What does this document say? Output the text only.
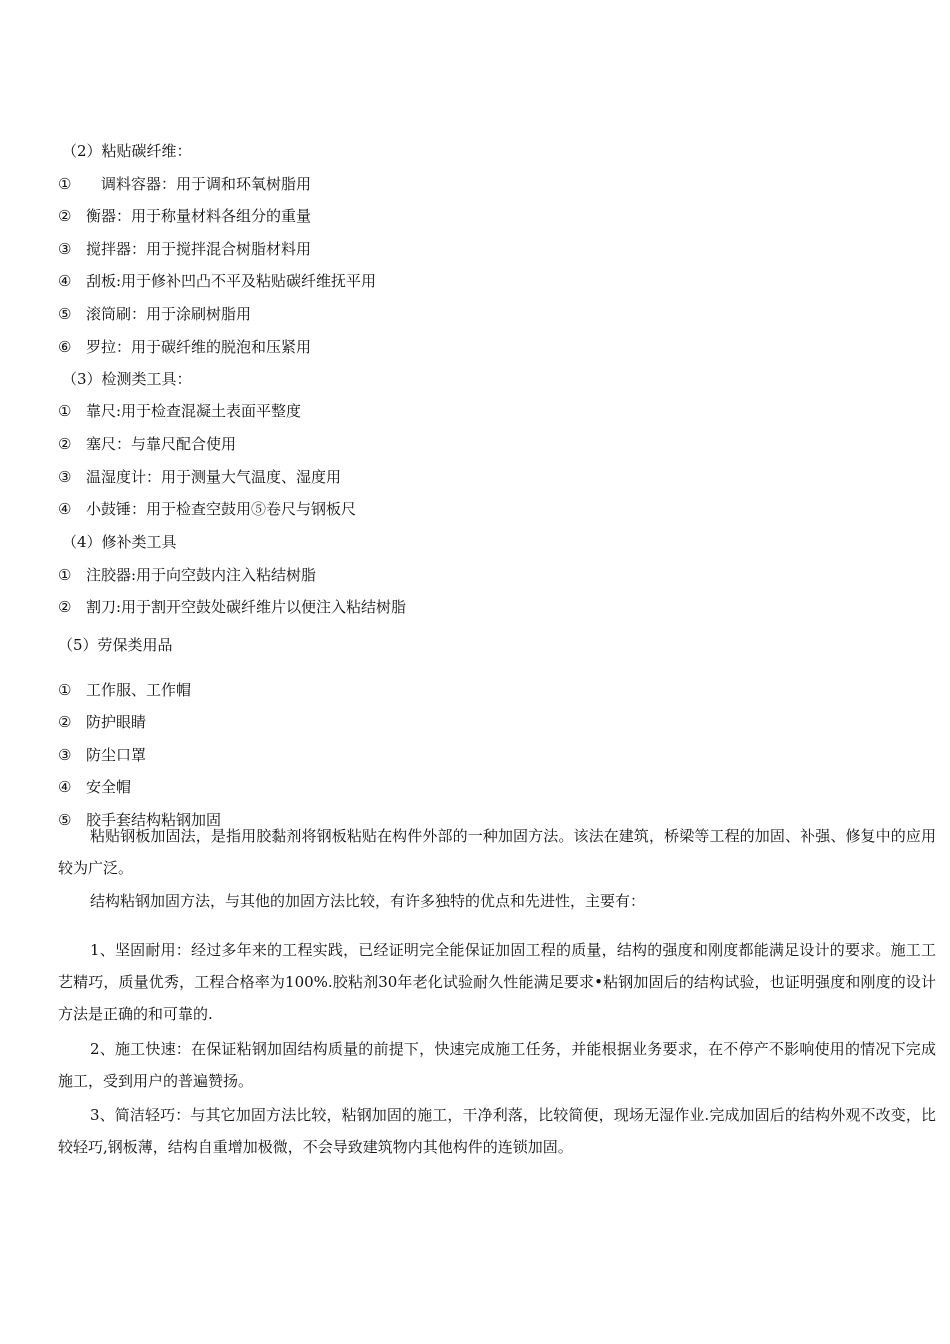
（2）粘贴碳纤维：
① 　调料容器：用于调和环氧树脂用
② 衡器：用于称量材料各组分的重量
③ 搅拌器：用于搅拌混合树脂材料用
④ 刮板:用于修补凹凸不平及粘贴碳纤维抚平用
⑤ 滚筒刷：用于涂刷树脂用
⑥ 罗拉：用于碳纤维的脱泡和压紧用
（3）检测类工具：
① 靠尺:用于检查混凝土表面平整度
② 塞尺：与靠尺配合使用
③ 温湿度计：用于测量大气温度、湿度用
④ 小鼓锤：用于检查空鼓用⑤卷尺与钢板尺
（4）修补类工具
① 注胶器:用于向空鼓内注入粘结树脂
② 割刀:用于割开空鼓处碳纤维片以便注入粘结树脂
（5）劳保类用品
① 工作服、工作帽
② 防护眼睛
③ 防尘口罩
④ 安全帽
⑤ 胶手套结构粘钢加固

粘贴钢板加固法，是指用胶黏剂将钢板粘贴在构件外部的一种加固方法。该法在建筑，桥梁等工程的加固、补强、修复中的应用较为广泛。

结构粘钢加固方法，与其他的加固方法比较，有许多独特的优点和先进性，主要有：

1、坚固耐用：经过多年来的工程实践，已经证明完全能保证加固工程的质量，结构的强度和刚度都能满足设计的要求。施工工艺精巧，质量优秀，工程合格率为100%.胶粘剂30年老化试验耐久性能满足要求•粘钢加固后的结构试验，也证明强度和刚度的设计方法是正确的和可靠的.

2、施工快速：在保证粘钢加固结构质量的前提下，快速完成施工任务，并能根据业务要求，在不停产不影响使用的情况下完成施工，受到用户的普遍赞扬。

3、简洁轻巧：与其它加固方法比较，粘钢加固的施工，干净利落，比较简便，现场无湿作业.完成加固后的结构外观不改变，比较轻巧,钢板薄，结构自重增加极微，不会导致建筑物内其他构件的连锁加固。
